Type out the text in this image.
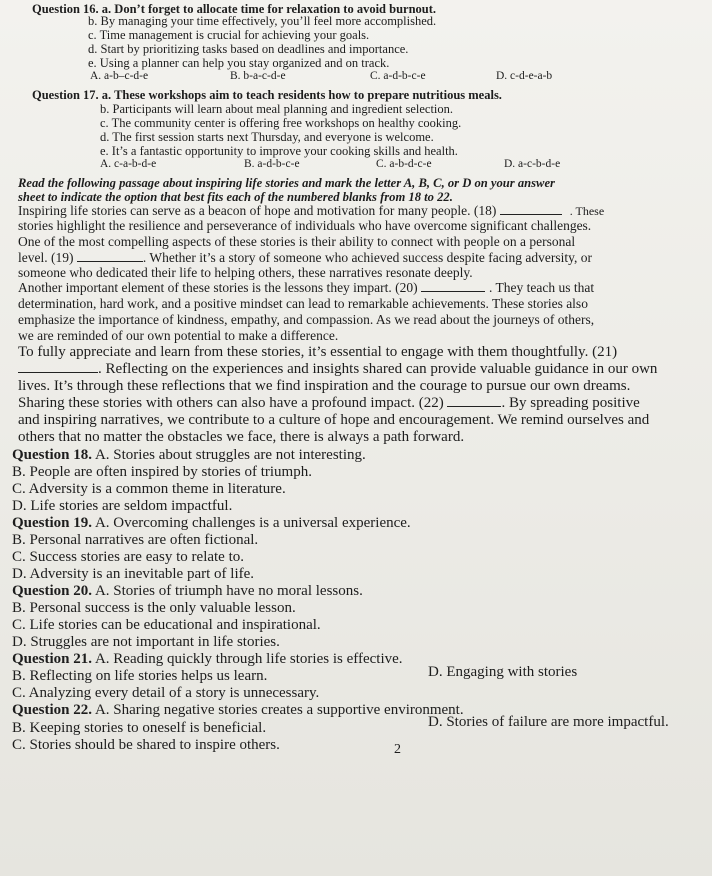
Question 16. a. Don’t forget to allocate time for relaxation to avoid burnout.
b. By managing your time effectively, you’ll feel more accomplished.
c. Time management is crucial for achieving your goals.
d. Start by prioritizing tasks based on deadlines and importance.
e. Using a planner can help you stay organized and on track.
A. a-b–c-d-e	B. b-a-c-d-e	C. a-d-b-c-e	D. c-d-e-a-b
Question 17. a. These workshops aim to teach residents how to prepare nutritious meals.
b. Participants will learn about meal planning and ingredient selection.
c. The community center is offering free workshops on healthy cooking.
d. The first session starts next Thursday, and everyone is welcome.
e. It’s a fantastic opportunity to improve your cooking skills and health.
A. c-a-b-d-e	B. a-d-b-c-e	C. a-b-d-c-e	D. a-c-b-d-e
Read the following passage about inspiring life stories and mark the letter A, B, C, or D on your answer
sheet to indicate the option that best fits each of the numbered blanks from 18 to 22.
Inspiring life stories can serve as a beacon of hope and motivation for many people. (18)	. These
stories highlight the resilience and perseverance of individuals who have overcome significant challenges.
One of the most compelling aspects of these stories is their ability to connect with people on a personal
level. (19)	. Whether it’s a story of someone who achieved success despite facing adversity, or
someone who dedicated their life to helping others, these narratives resonate deeply.
Another important element of these stories is the lessons they impart. (20)	. They teach us that
determination, hard work, and a positive mindset can lead to remarkable achievements. These stories also
emphasize the importance of kindness, empathy, and compassion. As we read about the journeys of others,
we are reminded of our own potential to make a difference.
To fully appreciate and learn from these stories, it’s essential to engage with them thoughtfully. (21)
. Reflecting on the experiences and insights shared can provide valuable guidance in our own
lives. It’s through these reflections that we find inspiration and the courage to pursue our own dreams.
Sharing these stories with others can also have a profound impact. (22)	. By spreading positive
and inspiring narratives, we contribute to a culture of hope and encouragement. We remind ourselves and
others that no matter the obstacles we face, there is always a path forward.
Question 18. A. Stories about struggles are not interesting.
B. People are often inspired by stories of triumph.
C. Adversity is a common theme in literature.
D. Life stories are seldom impactful.
Question 19. A. Overcoming challenges is a universal experience.
B. Personal narratives are often fictional.
C. Success stories are easy to relate to.
D. Adversity is an inevitable part of life.
Question 20. A. Stories of triumph have no moral lessons.
B. Personal success is the only valuable lesson.
C. Life stories can be educational and inspirational.
D. Struggles are not important in life stories.
Question 21. A. Reading quickly through life stories is effective.
B. Reflecting on life stories helps us learn.	D. Engaging with stories
C. Analyzing every detail of a story is unnecessary.
Question 22. A. Sharing negative stories creates a supportive environment.
B. Keeping stories to oneself is beneficial.	D. Stories of failure are more impactful.
C. Stories should be shared to inspire others.	2
